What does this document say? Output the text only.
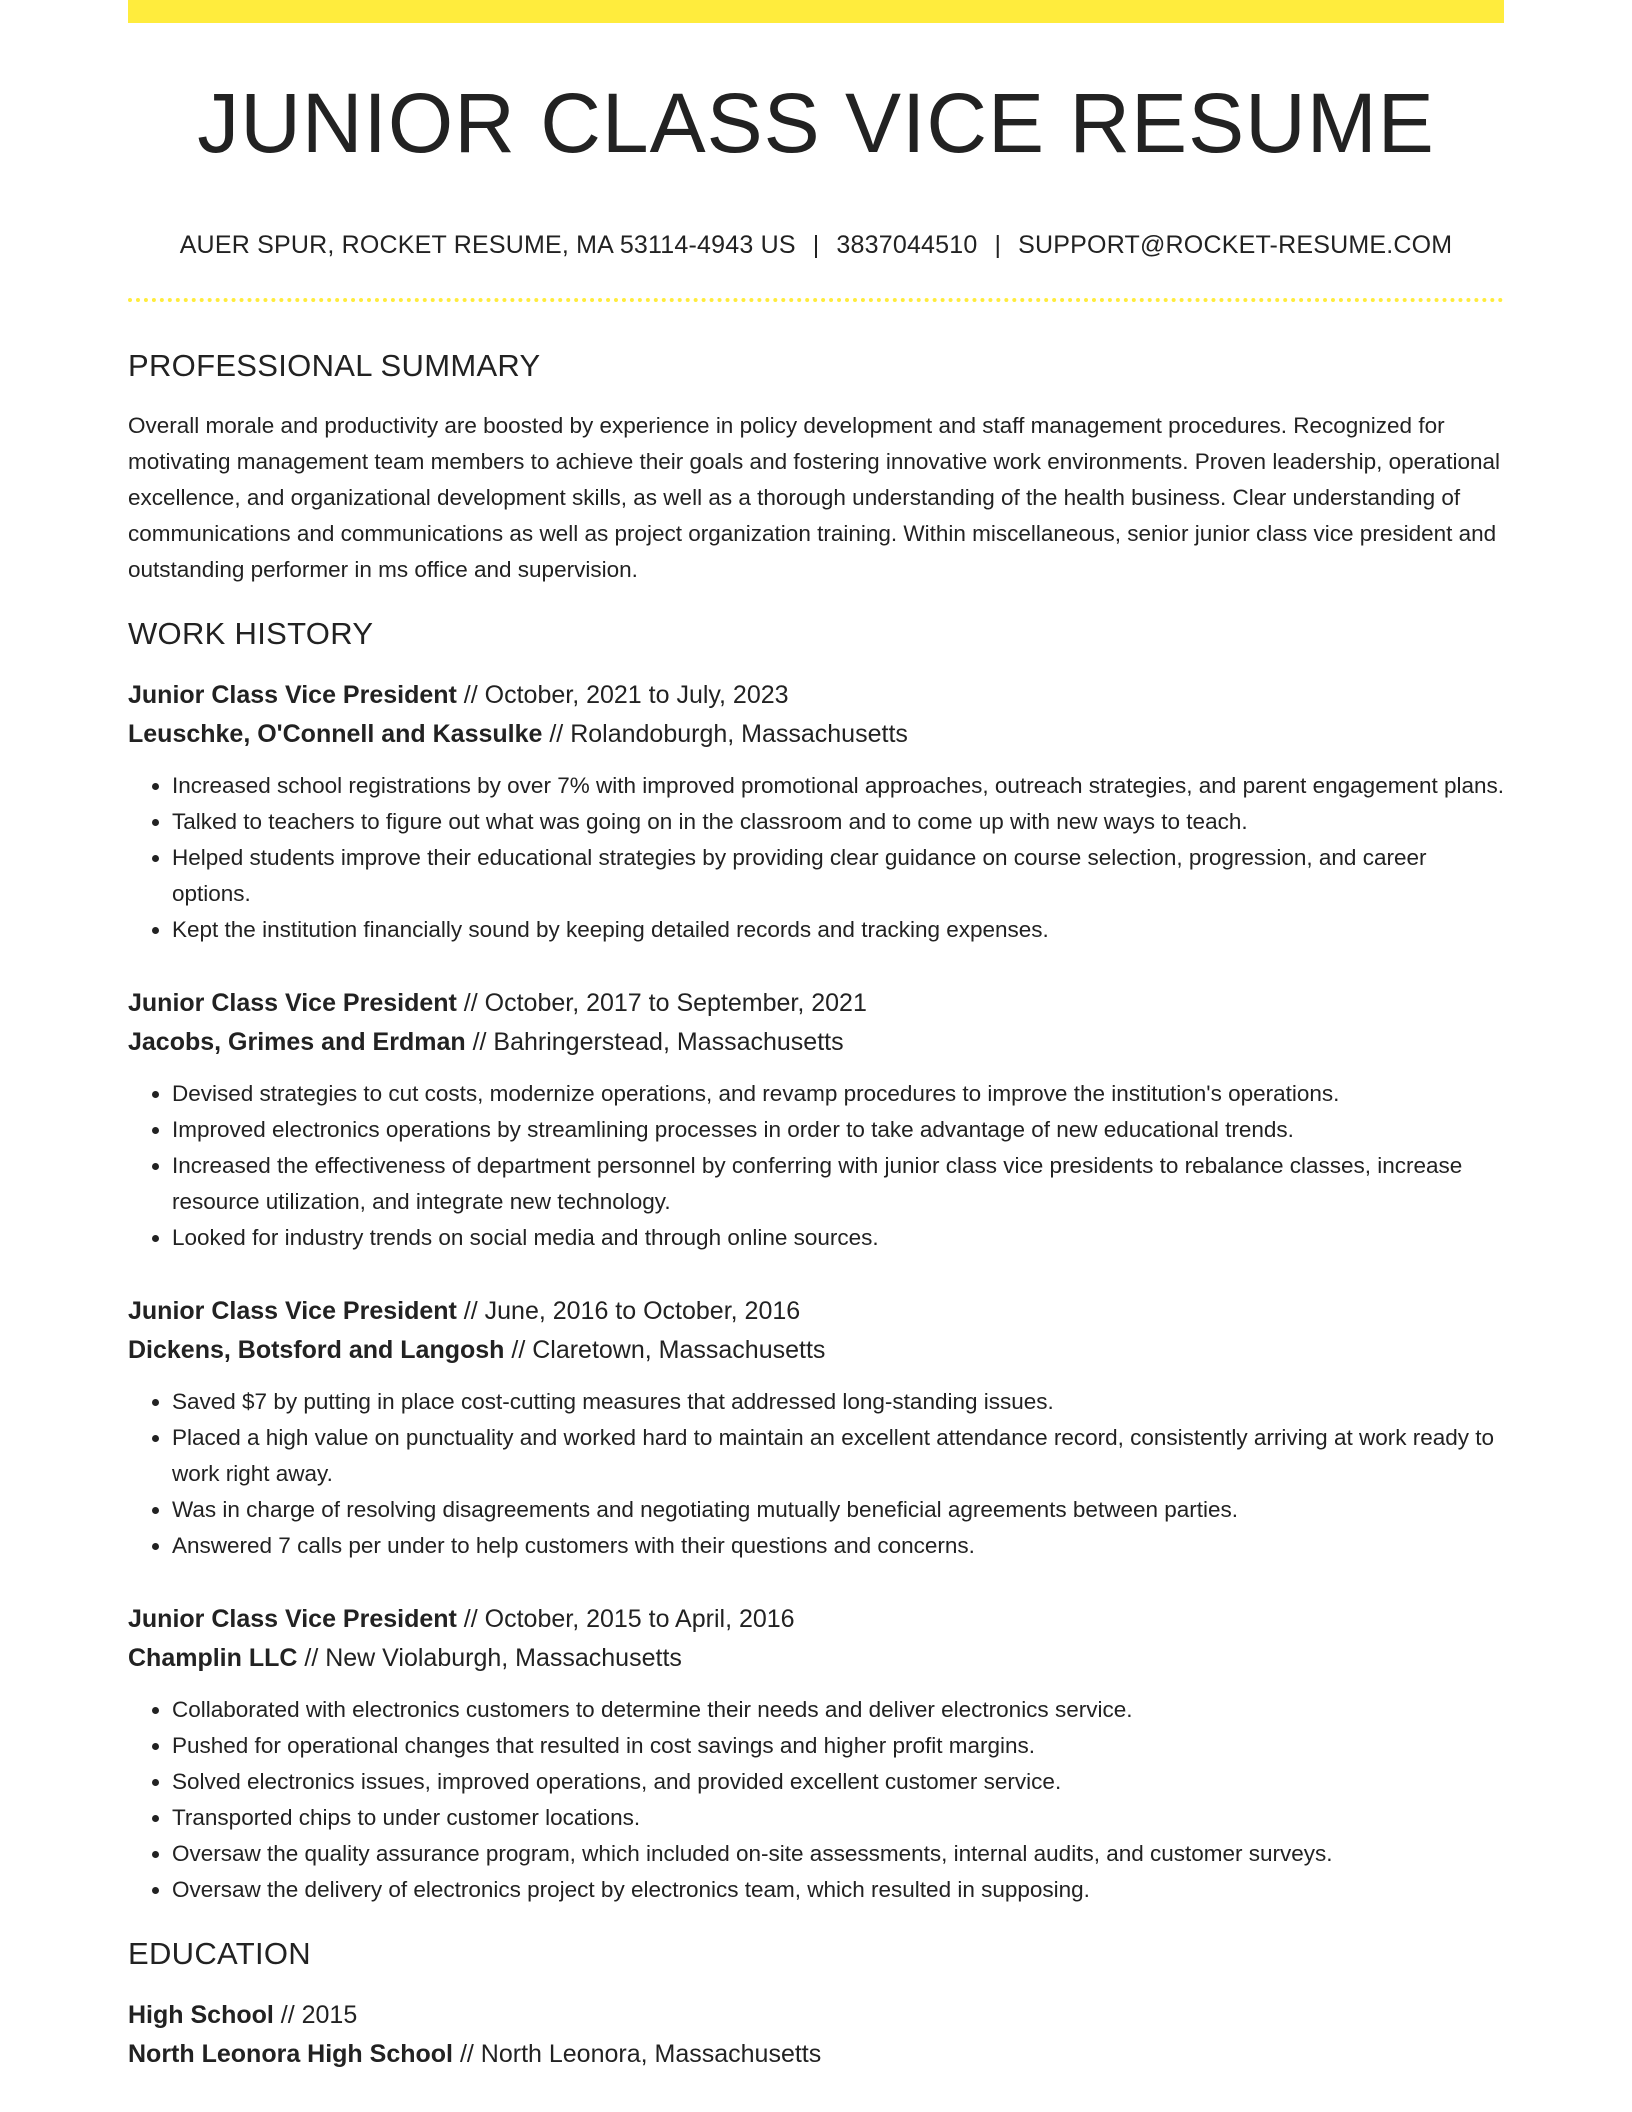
JUNIOR CLASS VICE RESUME
AUER SPUR, ROCKET RESUME, MA 53114-4943 US | 3837044510 | SUPPORT@ROCKET-RESUME.COM
PROFESSIONAL SUMMARY
Overall morale and productivity are boosted by experience in policy development and staff management procedures. Recognized for motivating management team members to achieve their goals and fostering innovative work environments. Proven leadership, operational excellence, and organizational development skills, as well as a thorough understanding of the health business. Clear understanding of communications and communications as well as project organization training. Within miscellaneous, senior junior class vice president and outstanding performer in ms office and supervision.
WORK HISTORY
Junior Class Vice President // October, 2021 to July, 2023
Leuschke, O'Connell and Kassulke // Rolandoburgh, Massachusetts
• Increased school registrations by over 7% with improved promotional approaches, outreach strategies, and parent engagement plans.
• Talked to teachers to figure out what was going on in the classroom and to come up with new ways to teach.
• Helped students improve their educational strategies by providing clear guidance on course selection, progression, and career options.
• Kept the institution financially sound by keeping detailed records and tracking expenses.
Junior Class Vice President // October, 2017 to September, 2021
Jacobs, Grimes and Erdman // Bahringerstead, Massachusetts
• Devised strategies to cut costs, modernize operations, and revamp procedures to improve the institution's operations.
• Improved electronics operations by streamlining processes in order to take advantage of new educational trends.
• Increased the effectiveness of department personnel by conferring with junior class vice presidents to rebalance classes, increase resource utilization, and integrate new technology.
• Looked for industry trends on social media and through online sources.
Junior Class Vice President // June, 2016 to October, 2016
Dickens, Botsford and Langosh // Claretown, Massachusetts
• Saved $7 by putting in place cost-cutting measures that addressed long-standing issues.
• Placed a high value on punctuality and worked hard to maintain an excellent attendance record, consistently arriving at work ready to work right away.
• Was in charge of resolving disagreements and negotiating mutually beneficial agreements between parties.
• Answered 7 calls per under to help customers with their questions and concerns.
Junior Class Vice President // October, 2015 to April, 2016
Champlin LLC // New Violaburgh, Massachusetts
• Collaborated with electronics customers to determine their needs and deliver electronics service.
• Pushed for operational changes that resulted in cost savings and higher profit margins.
• Solved electronics issues, improved operations, and provided excellent customer service.
• Transported chips to under customer locations.
• Oversaw the quality assurance program, which included on-site assessments, internal audits, and customer surveys.
• Oversaw the delivery of electronics project by electronics team, which resulted in supposing.
EDUCATION
High School // 2015
North Leonora High School // North Leonora, Massachusetts
